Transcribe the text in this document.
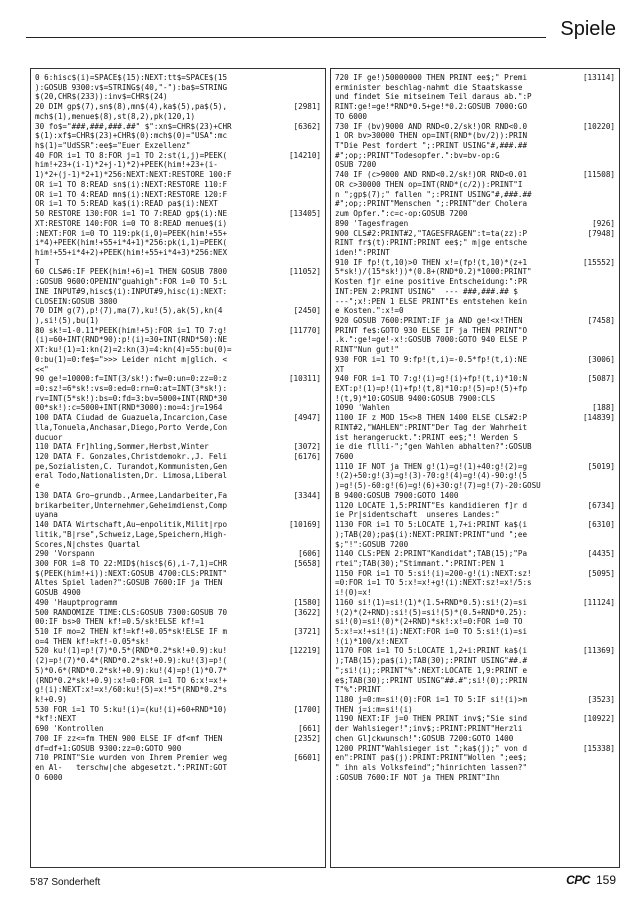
Spiele
0 6:hisc$(i)=SPACE$(15):NEXT:tt$=SPACE$(15
):GOSUB 9300:v$=STRING$(40,"-"):ba$=STRING
$(20,CHR$(233)):inv$=CHR$(24)
20 DIM gp$(7),sn$(8),mn$(4),ka$(5),pa$(5),	[2981]
mch$(1),menue$(8),st(8,2),pk(120,1)
30 fo$="###,###,###.##" $":xn$=CHR$(23)+CHR	[6362]
$(1):xf$=CHR$(23)+CHR$(0):mch$(0)="USA":mc
h$(1)="UdSSR":ee$="Euer Exzellenz"
40 FOR i=1 TO 8:FOR j=1 TO 2:st(i,j)=PEEK(	[14210]
him!+23+(i-1)*2+j-1)*2)+PEEK(him!+23+(i-
1)*2+(j-1)*2+1)*256:NEXT:NEXT:RESTORE 100:F
OR i=1 TO 8:READ sn$(i):NEXT:RESTORE 110:F
OR i=1 TO 4:READ mn$(i):NEXT:RESTORE 120:F
OR i=1 TO 5:READ ka$(i):READ pa$(i):NEXT
50 RESTORE 130:FOR i=1 TO 7:READ gp$(i):NE	[13405]
XT:RESTORE 140:FOR i=0 TO 8:READ menue$(i)
:NEXT:FOR i=0 TO 119:pk(i,0)=PEEK(him!+55+
i*4)+PEEK(him!+55+i*4+1)*256:pk(i,1)=PEEK(
him!+55+i*4+2)+PEEK(him!+55+i*4+3)*256:NEX
T
60 CLS#6:IF PEEK(him!+6)=1 THEN GOSUB 7800	[11052]
:GOSUB 9600:OPENIN"guahigh":FOR i=0 TO 5:L
INE INPUT#9,hisc$(i):INPUT#9,hisc(i):NEXT:
CLOSEIN:GOSUB 3800
70 DIM g(7),p!(7),ma(7),ku!(5),ak(5),kn(4	[2450]
),si!(5),bu(1)
80 sk!=1-0.11*PEEK(him!+5):FOR i=1 TO 7:g!	[11770]
(i)=60+INT(RND*90):p!(i)=30+INT(RND*50):NE
XT:ku!(1)=1:kn(2)=2:kn(3)=4:kn(4)=55:bu(0)=
0:bu(1)=0:fe$=">>> Leider nicht m|glich. <
<<"
90 ge!=10000:f=INT(3/sk!):fw=0:un=0:zz=0:z	[10311]
=0:sz!=6*sk!:vs=0:ed=0:rn=0:at=INT(3*sk!):
rv=INT(5*sk!):bs=0:fd=3:bv=5000+INT(RND*30
00*sk!):c=5000+INT(RND*3000):mo=4:jr=1964
100 DATA Ciudad de Guazuela,Incarcion,Case	[4947]
lla,Tonuela,Anchasar,Diego,Porto Verde,Con
ducuor
110 DATA Fr]hling,Sommer,Herbst,Winter	[3072]
120 DATA F. Gonzales,Christdemokr.,J. Feli	[6176]
pe,Sozialisten,C. Turandot,Kommunisten,Gen
eral Todo,Nationalisten,Dr. Limosa,Liberal
e
130 DATA Gro~grundb.,Armee,Landarbeiter,Fa	[3344]
brikarbeiter,Unternehmer,Geheimdienst,Comp
uyana
140 DATA Wirtschaft,Au~enpolitik,Milit|rpo	[10169]
litik,"B|rse",Schweiz,Lage,Speichern,High-
Scores,N|chstes Quartal
290 'Vorspann	[606]
300 FOR i=8 TO 22:MID$(hisc$(6),i-7,1)=CHR	[5658]
$(PEEK(him!+i)):NEXT:GOSUB 4700:CLS:PRINT"
Altes Spiel laden?":GOSUB 7600:IF ja THEN
GOSUB 4900
490 'Hauptprogramm	[1580]
500 RANDOMIZE TIME:CLS:GOSUB 7300:GOSUB 70	[3622]
00:IF bs>0 THEN kf!=0.5/sk!ELSE kf!=1
510 IF mo=2 THEN kf!=kf!+0.05*sk!ELSE IF m	[3721]
o=4 THEN kf!=kf!-0.05*sk!
520 ku!(1)=p!(7)*0.5*(RND*0.2*sk!+0.9):ku!	[12219]
(2)=p!(7)*0.4*(RND*0.2*sk!+0.9):ku!(3)=p!(
5)*0.6*(RND*0.2*sk!+0.9):ku!(4)=p!(1)*0.7*
(RND*0.2*sk!+0.9):x!=0:FOR i=1 TO 6:x!=x!+
g!(i):NEXT:x!=x!/60:ku!(5)=x!*5*(RND*0.2*s
k!+0.9)
530 FOR i=1 TO 5:ku!(i)=(ku!(i)+60+RND*10)	[1700]
*kf!:NEXT
690 'Kontrollen	[661]
700 IF zz<=fm THEN 900 ELSE IF df<mf THEN	[2352]
df=df+1:GOSUB 9300:zz=0:GOTO 900
710 PRINT"Sie wurden von Ihrem Premier weg	[6601]
en Al-   terschw|che abgesetzt.":PRINT:GOT
O 6000
720 IF ge!)50000000 THEN PRINT ee$;" Premi	[13114]
erminister beschlag-nahmt die Staatskasse
und findet Sie mitseinem Teil daraus ab.":P
RINT:ge!=ge!*RND*0.5+ge!*0.2:GOSUB 7000:GO
TO 6000
730 IF (bv)9000 AND RND<0.2/sk!)OR RND<0.0	[10220]
1 OR bv>30000 THEN op=INT(RND*(bv/2)):PRIN
T"Die Pest fordert ";:PRINT USING"#,###.##
#";op;:PRINT"Todesopfer.":bv=bv-op:G
OSUB 7200
740 IF (c>9000 AND RND<0.2/sk!)OR RND<0.01	[11508]
OR c>30000 THEN op=INT(RND*(c/2)):PRINT"I
n ";gp$(7);" fallen ";:PRINT USING"#,###.##
#";op;:PRINT"Menschen ";:PRINT"der Cholera
zum Opfer.":c=c-op:GOSUB 7200
890 'Tagesfragen	[926]
900 CLS#2:PRINT#2,"TAGESFRAGEN":t=ta(zz):P	[7948]
RINT fr$(t):PRINT:PRINT ee$;" m|ge entsche
iden!":PRINT
910 IF fp!(t,10)>0 THEN x!=(fp!(t,10)*(z+1	[15552]
5*sk!)/(15*sk!))*(0.8+(RND*0.2)*1000:PRINT"
Kosten f]r eine positive Entscheidung:":PR
INT:PEN 2:PRINT USING"  --- ###,###.## $
---";x!:PEN 1 ELSE PRINT"Es entstehen kein
e Kosten.":x!=0
920 GOSUB 7600:PRINT:IF ja AND ge!<x!THEN	[7458]
PRINT fe$:GOTO 930 ELSE IF ja THEN PRINT"O
.k.":ge!=ge!-x!:GOSUB 7000:GOTO 940 ELSE P
RINT"Nun gut!"
930 FOR i=1 TO 9:fp!(t,i)=-0.5*fp!(t,i):NE	[3006]
XT
940 FOR i=1 TO 7:g!(i)=g!(i)+fp!(t,i)*10:N	[5087]
EXT:p!(1)=p!(1)+fp!(t,8)*10:p!(5)=p!(5)+fp
!(t,9)*10:GOSUB 9400:GOSUB 7900:CLS
1090 'Wahlen	[188]
1100 IF z MOD 15<>8 THEN 1400 ELSE CLS#2:P	[14839]
RINT#2,"WAHLEN":PRINT"Der Tag der Wahrheit
ist herangeruckt.":PRINT ee$;"! Werden S
ie die fllli-";"gen Wahlen abhalten?":GOSUB
7600
1110 IF NOT ja THEN g!(1)=g!(1)+40:g!(2)=g	[5019]
!(2)+50:g!(3)=g!(3)-70:g!(4)=g!(4)-90:g!(5
)=g!(5)-60:g!(6)=g!(6)+30:g!(7)=g!(7)-20:GOSU
B 9400:GOSUB 7900:GOTO 1400
1120 LOCATE 1,5:PRINT"Es kandidieren f]r d	[6734]
ie Pr|sidentschaft  unseres Landes:"
1130 FOR i=1 TO 5:LOCATE 1,7+i:PRINT ka$(i	[6310]
);TAB(20);pa$(i):NEXT:PRINT:PRINT"und ";ee
$;"!":GOSUB 7200
1140 CLS:PEN 2:PRINT"Kandidat";TAB(15);"Pa	[4435]
rtei";TAB(30);"Stimmant.":PRINT:PEN 1
1150 FOR i=1 TO 5:si!(i)=200-g!(i):NEXT:sz!	[5095]
=0:FOR i=1 TO 5:x!=x!+g!(i):NEXT:sz!=x!/5:s
i!(0)=x!
1160 si!(1)=si!(1)*(1.5+RND*0.5):si!(2)=si	[11124]
!(2)*(2+RND):si!(5)=si!(5)*(0.5+RND*0.25):
si!(0)=si!(0)*(2+RND)*sk!:x!=0:FOR i=0 TO
5:x!=x!+si!(i):NEXT:FOR i=0 TO 5:si!(i)=si
!(i)*100/x!:NEXT
1170 FOR i=1 TO 5:LOCATE 1,2+i:PRINT ka$(i	[11369]
);TAB(15);pa$(i);TAB(30);:PRINT USING"##.#
";si!(i);:PRINT"%":NEXT:LOCATE 1,9:PRINT e
e$;TAB(30);:PRINT USING"##.#";si!(0);:PRIN
T"%":PRINT
1180 j=0:m=si!(0):FOR i=1 TO 5:IF si!(i)>m	[3523]
THEN j=i:m=si!(i)
1190 NEXT:IF j=0 THEN PRINT inv$;"Sie sind	[10922]
der Wahlsieger!";inv$;:PRINT:PRINT"Herzli
chen Gl]ckwunsch!":GOSUB 7200:GOTO 1400
1200 PRINT"Wahlsieger ist ";ka$(j);" von d	[15338]
en":PRINT pa$(j):PRINT:PRINT"Wollen ";ee$;
" ihn als Volksfeind";"hinrichten lassen?"
:GOSUB 7600:IF NOT ja THEN PRINT"Ihn
5'87 Sonderheft	CPC 159
